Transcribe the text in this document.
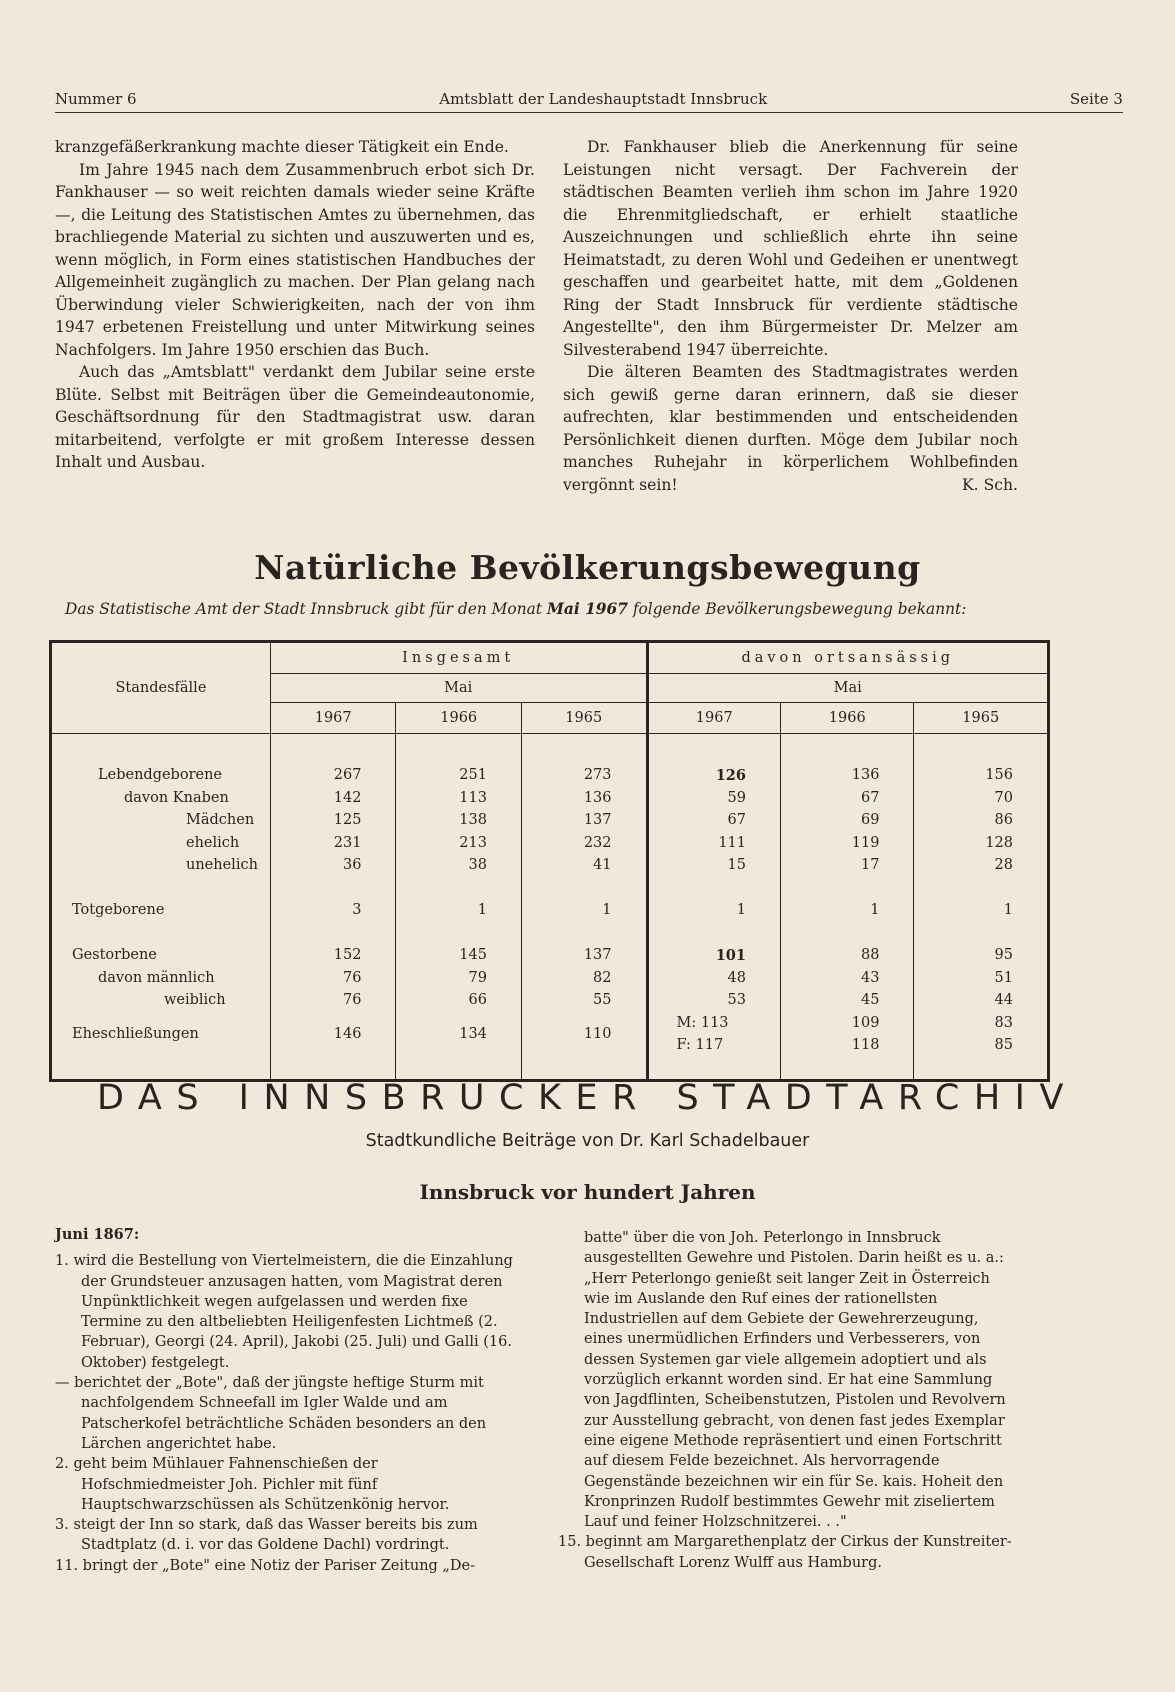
Nummer 6	Amtsblatt der Landeshauptstadt Innsbruck	Seite 3

kranzgefäßerkrankung machte dieser Tätigkeit ein Ende.

Im Jahre 1945 nach dem Zusammenbruch erbot sich Dr. Fankhauser — so weit reichten damals wieder seine Kräfte —, die Leitung des Statistischen Amtes zu übernehmen, das brachliegende Material zu sichten und auszuwerten und es, wenn möglich, in Form eines statistischen Handbuches der Allgemeinheit zugänglich zu machen. Der Plan gelang nach Überwindung vieler Schwierigkeiten, nach der von ihm 1947 erbetenen Freistellung und unter Mitwirkung seines Nachfolgers. Im Jahre 1950 erschien das Buch.

Auch das „Amtsblatt" verdankt dem Jubilar seine erste Blüte. Selbst mit Beiträgen über die Gemeindeautonomie, Geschäftsordnung für den Stadtmagistrat usw. daran mitarbeitend, verfolgte er mit großem Interesse dessen Inhalt und Ausbau.

Dr. Fankhauser blieb die Anerkennung für seine Leistungen nicht versagt. Der Fachverein der städtischen Beamten verlieh ihm schon im Jahre 1920 die Ehrenmitgliedschaft, er erhielt staatliche Auszeichnungen und schließlich ehrte ihn seine Heimatstadt, zu deren Wohl und Gedeihen er unentwegt geschaffen und gearbeitet hatte, mit dem „Goldenen Ring der Stadt Innsbruck für verdiente städtische Angestellte", den ihm Bürgermeister Dr. Melzer am Silvesterabend 1947 überreichte.

Die älteren Beamten des Stadtmagistrates werden sich gewiß gerne daran erinnern, daß sie dieser aufrechten, klar bestimmenden und entscheidenden Persönlichkeit dienen durften. Möge dem Jubilar noch manches Ruhejahr in körperlichem Wohlbefinden vergönnt sein!	K. Sch.

Natürliche Bevölkerungsbewegung
Das Statistische Amt der Stadt Innsbruck gibt für den Monat Mai 1967 folgende Bevölkerungsbewegung bekannt:
Standesfälle	Insgesamt			davon ortsansässig		
	Mai			Mai		
	1967	1966	1965	1967	1966	1965

Lebendgeborene	267	251	273	126	136	156
davon Knaben	142	113	136	59	67	70
Mädchen	125	138	137	67	69	86
ehelich	231	213	232	111	119	128
unehelich	36	38	41	15	17	28

Totgeborene	3	1	1	1	1	1

Gestorbene	152	145	137	101	88	95
davon männlich	76	79	82	48	43	51
weiblich	76	66	55	53	45	44
Eheschließungen	146	134	110	M: 113	109	83
				F: 117	118	85

DAS INNSBRUCKER STADTARCHIV
Stadtkundliche Beiträge von Dr. Karl Schadelbauer
Innsbruck vor hundert Jahren

Juni 1867:

1. wird die Bestellung von Viertelmeistern, die die Einzahlung der Grundsteuer anzusagen hatten, vom Magistrat deren Unpünktlichkeit wegen aufgelassen und werden fixe Termine zu den altbeliebten Heiligenfesten Lichtmeß (2. Februar), Georgi (24. April), Jakobi (25. Juli) und Galli (16. Oktober) festgelegt.

— berichtet der „Bote", daß der jüngste heftige Sturm mit nachfolgendem Schneefall im Igler Walde und am Patscherkofel beträchtliche Schäden besonders an den Lärchen angerichtet habe.

2. geht beim Mühlauer Fahnenschießen der Hofschmiedmeister Joh. Pichler mit fünf Hauptschwarzschüssen als Schützenkönig hervor.

3. steigt der Inn so stark, daß das Wasser bereits bis zum Stadtplatz (d. i. vor das Goldene Dachl) vordringt.

11. bringt der „Bote" eine Notiz der Pariser Zeitung „De-

batte" über die von Joh. Peterlongo in Innsbruck ausgestellten Gewehre und Pistolen. Darin heißt es u. a.: „Herr Peterlongo genießt seit langer Zeit in Österreich wie im Auslande den Ruf eines der rationellsten Industriellen auf dem Gebiete der Gewehrerzeugung, eines unermüdlichen Erfinders und Verbesserers, von dessen Systemen gar viele allgemein adoptiert und als vorzüglich erkannt worden sind. Er hat eine Sammlung von Jagdflinten, Scheibenstutzen, Pistolen und Revolvern zur Ausstellung gebracht, von denen fast jedes Exemplar eine eigene Methode repräsentiert und einen Fortschritt auf diesem Felde bezeichnet. Als hervorragende Gegenstände bezeichnen wir ein für Se. kais. Hoheit den Kronprinzen Rudolf bestimmtes Gewehr mit ziseliertem Lauf und feiner Holzschnitzerei. . ."

15. beginnt am Margarethenplatz der Cirkus der Kunstreiter-Gesellschaft Lorenz Wulff aus Hamburg.
